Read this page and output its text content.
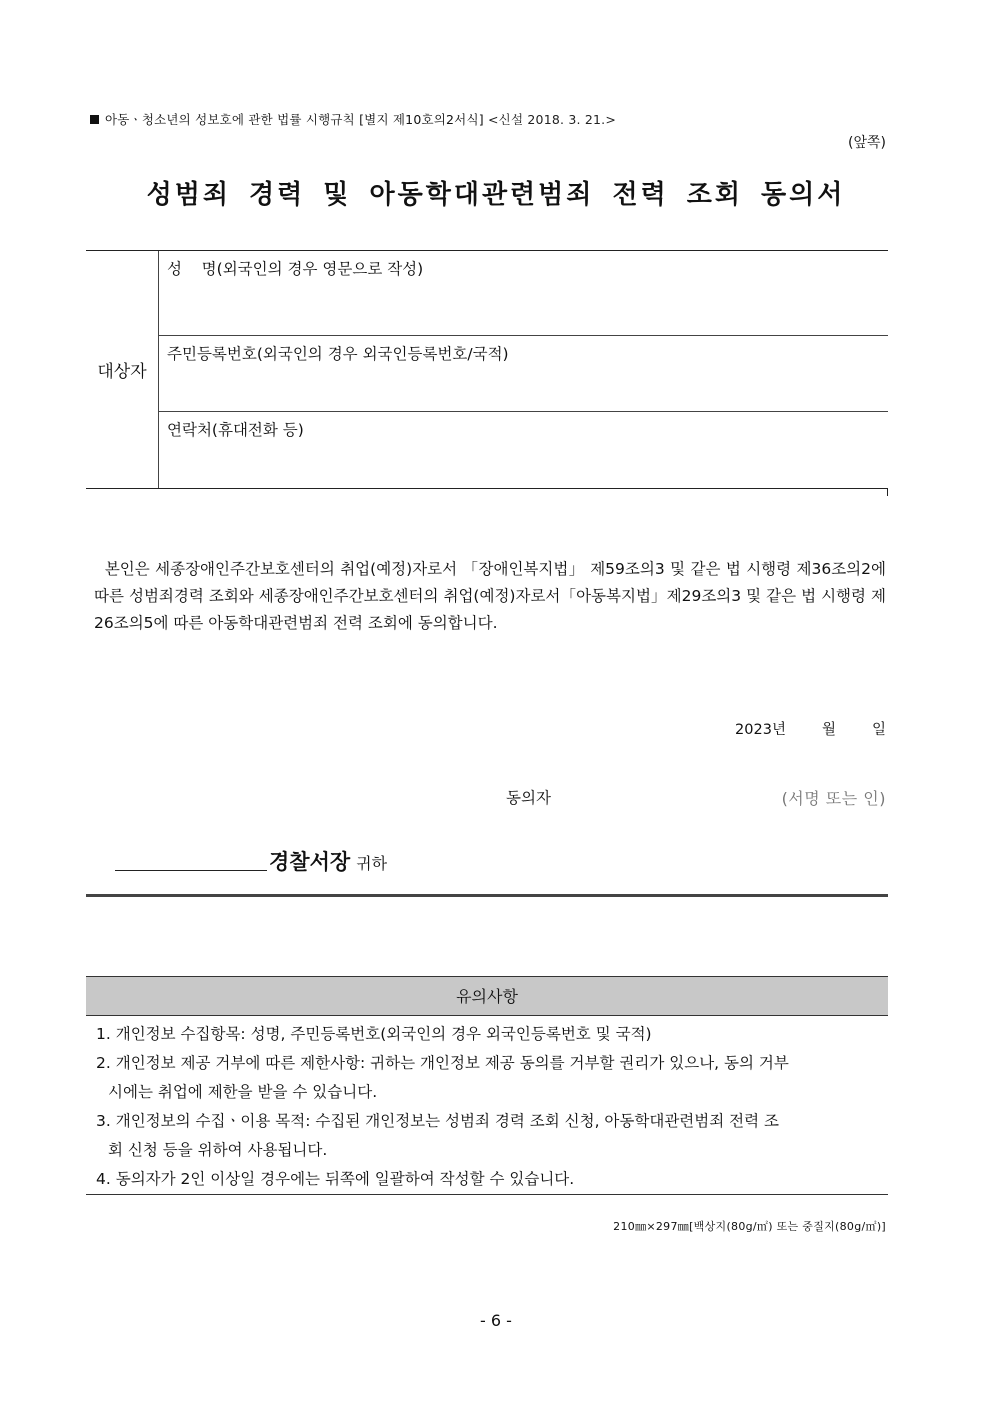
아동ㆍ청소년의 성보호에 관한 법률 시행규칙 [별지 제10호의2서식] <신설 2018. 3. 21.>
(앞쪽)
성범죄 경력 및 아동학대관련범죄 전력 조회 동의서
대상자
성    명(외국인의 경우 영문으로 작성)
주민등록번호(외국인의 경우 외국인등록번호/국적)
연락처(휴대전화 등)
본인은 세종장애인주간보호센터의 취업(예정)자로서 「장애인복지법」 제59조의3 및 같은 법 시행령 제36조의2에 따른 성범죄경력 조회와 세종장애인주간보호센터의 취업(예정)자로서「아동복지법」제29조의3 및 같은 법 시행령 제26조의5에 따른 아동학대관련범죄 전력 조회에 동의합니다.
2023년 월 일
동의자	(서명 또는 인)
경찰서장 귀하
유의사항
1. 개인정보 수집항목: 성명, 주민등록번호(외국인의 경우 외국인등록번호 및 국적)
2. 개인정보 제공 거부에 따른 제한사항: 귀하는 개인정보 제공 동의를 거부할 권리가 있으나, 동의 거부
시에는 취업에 제한을 받을 수 있습니다.
3. 개인정보의 수집ㆍ이용 목적: 수집된 개인정보는 성범죄 경력 조회 신청, 아동학대관련범죄 전력 조
회 신청 등을 위하여 사용됩니다.
4. 동의자가 2인 이상일 경우에는 뒤쪽에 일괄하여 작성할 수 있습니다.
210㎜×297㎜[백상지(80g/㎡) 또는 중질지(80g/㎡)]
- 6 -
